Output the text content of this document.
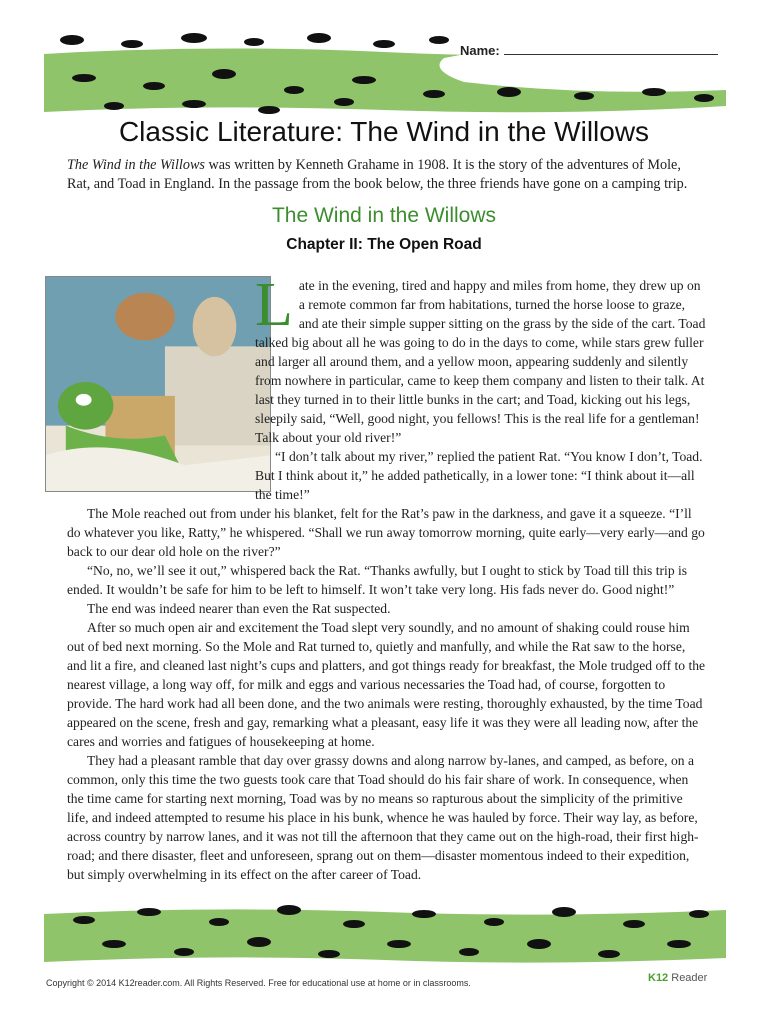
Name:
Classic Literature: The Wind in the Willows
The Wind in the Willows was written by Kenneth Grahame in 1908. It is the story of the adventures of Mole, Rat, and Toad in England. In the passage from the book below, the three friends have gone on a camping trip.
The Wind in the Willows
Chapter II: The Open Road

Late in the evening, tired and happy and miles from home, they drew up on a remote common far from habitations, turned the horse loose to graze, and ate their simple supper sitting on the grass by the side of the cart. Toad talked big about all he was going to do in the days to come, while stars grew fuller and larger all around them, and a yellow moon, appearing suddenly and silently from nowhere in particular, came to keep them company and listen to their talk. At last they turned in to their little bunks in the cart; and Toad, kicking out his legs, sleepily said, “Well, good night, you fellows! This is the real life for a gentleman! Talk about your old river!”

“I don’t talk about my river,” replied the patient Rat. “You know I don’t, Toad. But I think about it,” he added pathetically, in a lower tone: “I think about it—all the time!”

The Mole reached out from under his blanket, felt for the Rat’s paw in the darkness, and gave it a squeeze. “I’ll do whatever you like, Ratty,” he whispered. “Shall we run away tomorrow morning, quite early—very early—and go back to our dear old hole on the river?”

“No, no, we’ll see it out,” whispered back the Rat. “Thanks awfully, but I ought to stick by Toad till this trip is ended. It wouldn’t be safe for him to be left to himself. It won’t take very long. His fads never do. Good night!”

The end was indeed nearer than even the Rat suspected.

After so much open air and excitement the Toad slept very soundly, and no amount of shaking could rouse him out of bed next morning. So the Mole and Rat turned to, quietly and manfully, and while the Rat saw to the horse, and lit a fire, and cleaned last night’s cups and platters, and got things ready for breakfast, the Mole trudged off to the nearest village, a long way off, for milk and eggs and various necessaries the Toad had, of course, forgotten to provide. The hard work had all been done, and the two animals were resting, thoroughly exhausted, by the time Toad appeared on the scene, fresh and gay, remarking what a pleasant, easy life it was they were all leading now, after the cares and worries and fatigues of housekeeping at home.

They had a pleasant ramble that day over grassy downs and along narrow by-lanes, and camped, as before, on a common, only this time the two guests took care that Toad should do his fair share of work. In consequence, when the time came for starting next morning, Toad was by no means so rapturous about the simplicity of the primitive life, and indeed attempted to resume his place in his bunk, whence he was hauled by force. Their way lay, as before, across country by narrow lanes, and it was not till the afternoon that they came out on the high-road, their first high-road; and there disaster, fleet and unforeseen, sprang out on them—disaster momentous indeed to their expedition, but simply overwhelming in its effect on the after career of Toad.

Copyright © 2014 K12reader.com. All Rights Reserved. Free for educational use at home or in classrooms.	K12 Reader
